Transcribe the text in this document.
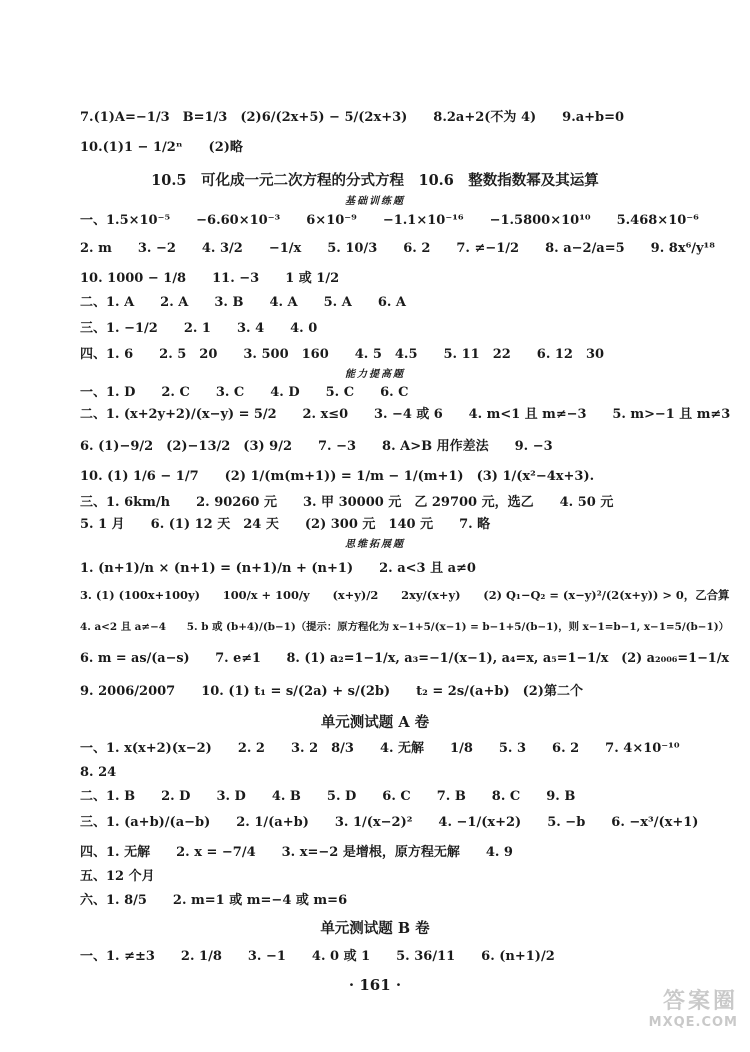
7.(1)A=−1/3　B=1/3　(2)6/(2x+5) − 5/(2x+3)　　8.2a+2(不为 4)　　9.a+b=0
10.(1)1 − 1/2ⁿ　　(2)略
10.5　可化成一元二次方程的分式方程　10.6　整数指数幂及其运算
基础训练题
一、1.5×10⁻⁵　　−6.60×10⁻³　　6×10⁻⁹　　−1.1×10⁻¹⁶　　−1.5800×10¹⁰　　5.468×10⁻⁶
2. m　　3. −2　　4. 3/2　　−1/x　　5. 10/3　　6. 2　　7. ≠−1/2　　8. a−2/a=5　　9. 8x⁶/y¹⁸
10. 1000 − 1/8　　11. −3　　1 或 1/2
二、1. A　　2. A　　3. B　　4. A　　5. A　　6. A
三、1. −1/2　　2. 1　　3. 4　　4. 0
四、1. 6　　2. 5　20　　3. 500　160　　4. 5　4.5　　5. 11　22　　6. 12　30
能力提高题
一、1. D　　2. C　　3. C　　4. D　　5. C　　6. C
二、1. (x+2y+2)/(x−y) = 5/2　　2. x≤0　　3. −4 或 6　　4. m<1 且 m≠−3　　5. m>−1 且 m≠3
6. (1)−9/2　(2)−13/2　(3) 9/2　　7. −3　　8. A>B 用作差法　　9. −3
10. (1) 1/6 − 1/7　　(2) 1/(m(m+1)) = 1/m − 1/(m+1)　(3) 1/(x²−4x+3).
三、1. 6km/h　　2. 90260 元　　3. 甲 30000 元　乙 29700 元，选乙　　4. 50 元
5. 1 月　　6. (1) 12 天　24 天　　(2) 300 元　140 元　　7. 略
思维拓展题
1. (n+1)/n × (n+1) = (n+1)/n + (n+1)　　2. a<3 且 a≠0
3. (1) (100x+100y)　　100/x + 100/y　　(x+y)/2　　2xy/(x+y)　　(2) Q₁−Q₂ = (x−y)²/(2(x+y)) > 0，乙合算
4. a<2 且 a≠−4　　5. b 或 (b+4)/(b−1)（提示：原方程化为 x−1+5/(x−1) = b−1+5/(b−1)，则 x−1=b−1, x−1=5/(b−1)）
6. m = as/(a−s)　　7. e≠1　　8. (1) a₂=1−1/x, a₃=−1/(x−1), a₄=x, a₅=1−1/x　(2) a₂₀₀₆=1−1/x
9. 2006/2007　　10. (1) t₁ = s/(2a) + s/(2b)　　t₂ = 2s/(a+b)　(2)第二个
单元测试题 A 卷
一、1. x(x+2)(x−2)　　2. 2　　3. 2　8/3　　4. 无解　　1/8　　5. 3　　6. 2　　7. 4×10⁻¹⁰
8. 24
二、1. B　　2. D　　3. D　　4. B　　5. D　　6. C　　7. B　　8. C　　9. B
三、1. (a+b)/(a−b)　　2. 1/(a+b)　　3. 1/(x−2)²　　4. −1/(x+2)　　5. −b　　6. −x³/(x+1)
四、1. 无解　　2. x = −7/4　　3. x=−2 是增根，原方程无解　　4. 9
五、12 个月
六、1. 8/5　　2. m=1 或 m=−4 或 m=6
单元测试题 B 卷
一、1. ≠±3　　2. 1/8　　3. −1　　4. 0 或 1　　5. 36/11　　6. (n+1)/2
· 161 ·
答案圈
MXQE.COM
